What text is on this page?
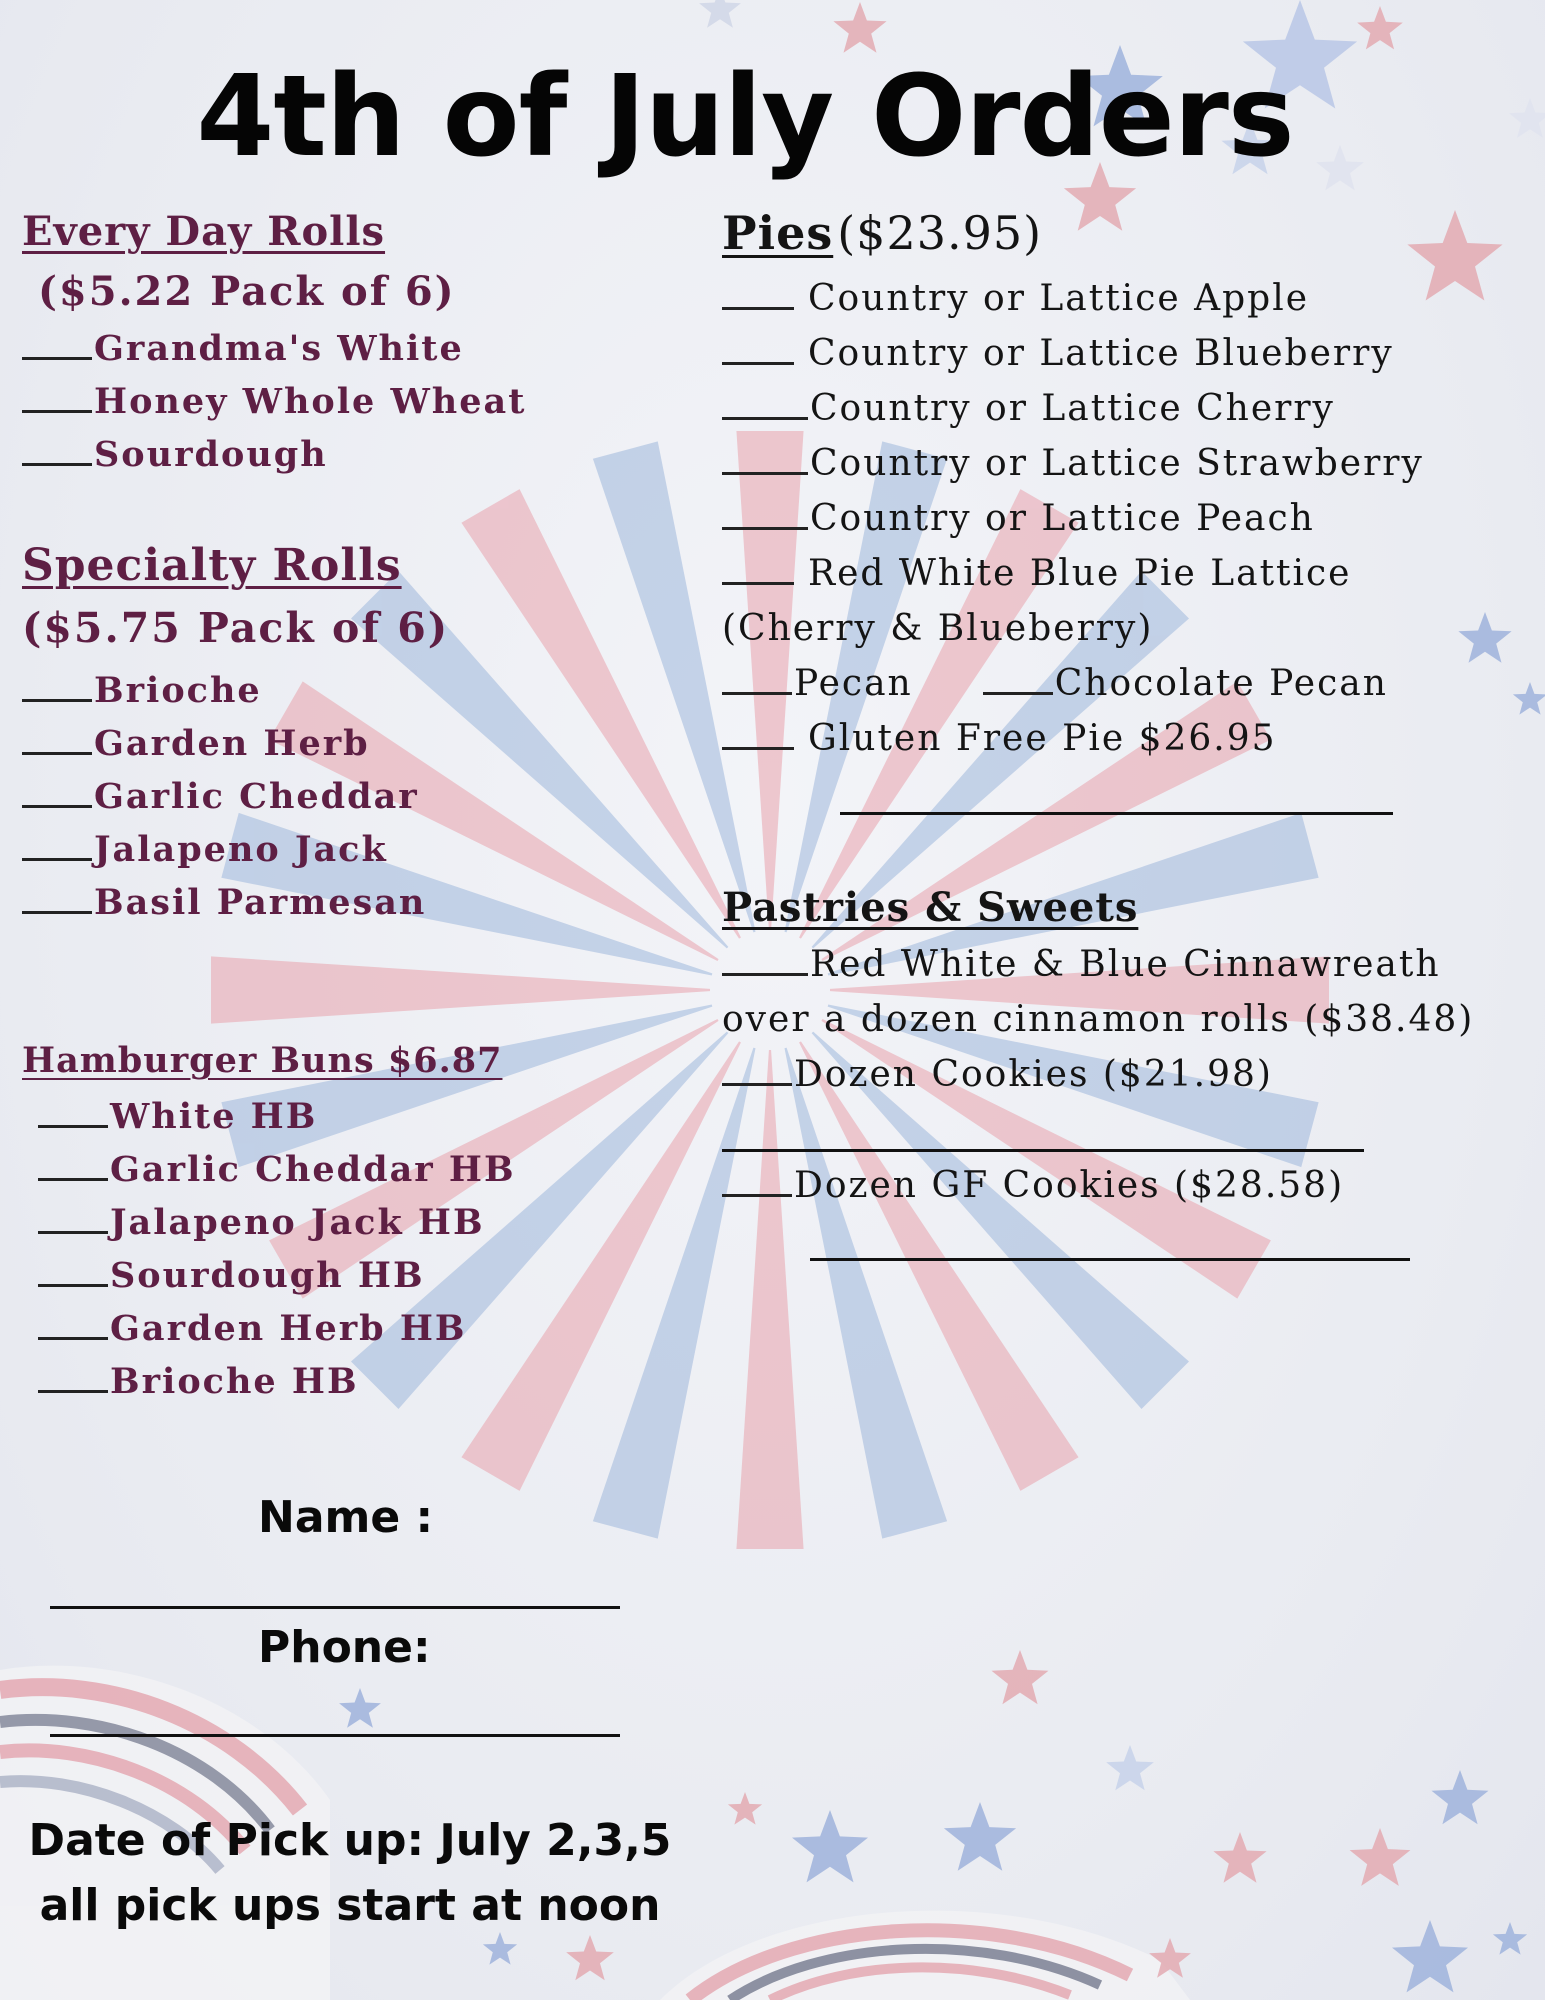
4th of July Orders
Every Day Rolls
($5.22 Pack of 6)
Grandma's White
Honey Whole Wheat
Sourdough
Specialty Rolls
($5.75 Pack of 6)
Brioche
Garden Herb
Garlic Cheddar
Jalapeno Jack
Basil Parmesan
Hamburger Buns $6.87
White HB
Garlic Cheddar HB
Jalapeno Jack HB
Sourdough HB
Garden Herb HB
Brioche HB
Name :
Phone:
Date of Pick up: July 2,3,5
all pick ups start at noon
Pies ($23.95)
Country or Lattice Apple
Country or Lattice Blueberry
Country or Lattice Cherry
Country or Lattice Strawberry
Country or Lattice Peach
Red White Blue Pie Lattice
(Cherry & Blueberry)
Pecan	Chocolate Pecan
Gluten Free Pie $26.95
Pastries & Sweets
Red White & Blue Cinnawreath
over a dozen cinnamon rolls ($38.48)
Dozen Cookies ($21.98)
Dozen GF Cookies ($28.58)
